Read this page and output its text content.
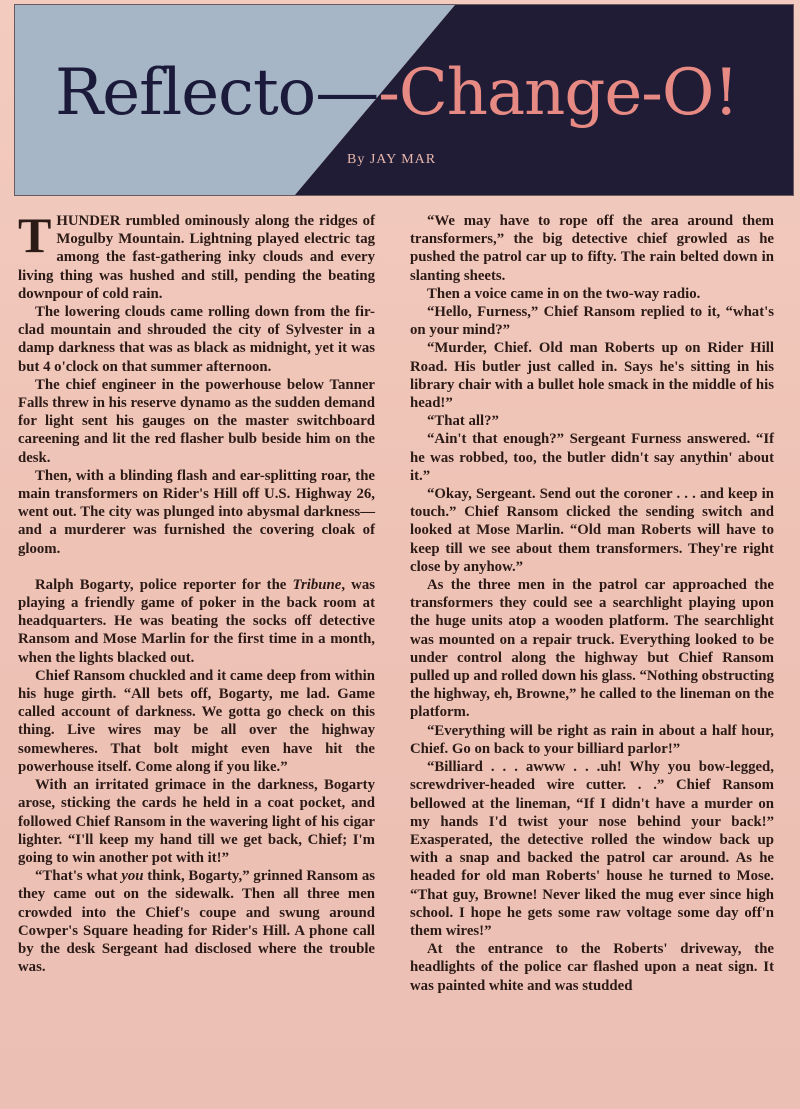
Reflecto—-Change-O!
By JAY MAR

THUNDER rumbled ominously along the ridges of Mogulby Mountain. Lightning played electric tag among the fast-gathering inky clouds and every living thing was hushed and still, pending the beating downpour of cold rain.

The lowering clouds came rolling down from the fir-clad mountain and shrouded the city of Sylvester in a damp darkness that was as black as midnight, yet it was but 4 o'clock on that summer afternoon.

The chief engineer in the powerhouse below Tanner Falls threw in his reserve dynamo as the sudden demand for light sent his gauges on the master switchboard careening and lit the red flasher bulb beside him on the desk.

Then, with a blinding flash and ear-splitting roar, the main transformers on Rider's Hill off U.S. Highway 26, went out. The city was plunged into abysmal darkness—and a murderer was furnished the covering cloak of gloom.

Ralph Bogarty, police reporter for the Tribune, was playing a friendly game of poker in the back room at headquarters. He was beating the socks off detective Ransom and Mose Marlin for the first time in a month, when the lights blacked out.

Chief Ransom chuckled and it came deep from within his huge girth. “All bets off, Bogarty, me lad. Game called account of darkness. We gotta go check on this thing. Live wires may be all over the highway somewheres. That bolt might even have hit the powerhouse itself. Come along if you like.”

With an irritated grimace in the darkness, Bogarty arose, sticking the cards he held in a coat pocket, and followed Chief Ransom in the wavering light of his cigar lighter. “I'll keep my hand till we get back, Chief; I'm going to win another pot with it!”

“That's what you think, Bogarty,” grinned Ransom as they came out on the sidewalk. Then all three men crowded into the Chief's coupe and swung around Cowper's Square heading for Rider's Hill. A phone call by the desk Sergeant had disclosed where the trouble was.

“We may have to rope off the area around them transformers,” the big detective chief growled as he pushed the patrol car up to fifty. The rain belted down in slanting sheets.

Then a voice came in on the two-way radio.

“Hello, Furness,” Chief Ransom replied to it, “what's on your mind?”

“Murder, Chief. Old man Roberts up on Rider Hill Road. His butler just called in. Says he's sitting in his library chair with a bullet hole smack in the middle of his head!”

“That all?”

“Ain't that enough?” Sergeant Furness answered. “If he was robbed, too, the butler didn't say anythin' about it.”

“Okay, Sergeant. Send out the coroner . . . and keep in touch.” Chief Ransom clicked the sending switch and looked at Mose Marlin. “Old man Roberts will have to keep till we see about them transformers. They're right close by anyhow.”

As the three men in the patrol car approached the transformers they could see a searchlight playing upon the huge units atop a wooden platform. The searchlight was mounted on a repair truck. Everything looked to be under control along the highway but Chief Ransom pulled up and rolled down his glass. “Nothing obstructing the highway, eh, Browne,” he called to the lineman on the platform.

“Everything will be right as rain in about a half hour, Chief. Go on back to your billiard parlor!”

“Billiard . . . awww . . .uh! Why you bow-legged, screwdriver-headed wire cutter. . .” Chief Ransom bellowed at the lineman, “If I didn't have a murder on my hands I'd twist your nose behind your back!” Exasperated, the detective rolled the window back up with a snap and backed the patrol car around. As he headed for old man Roberts' house he turned to Mose. “That guy, Browne! Never liked the mug ever since high school. I hope he gets some raw voltage some day off'n them wires!”

At the entrance to the Roberts' driveway, the headlights of the police car flashed upon a neat sign. It was painted white and was studded
